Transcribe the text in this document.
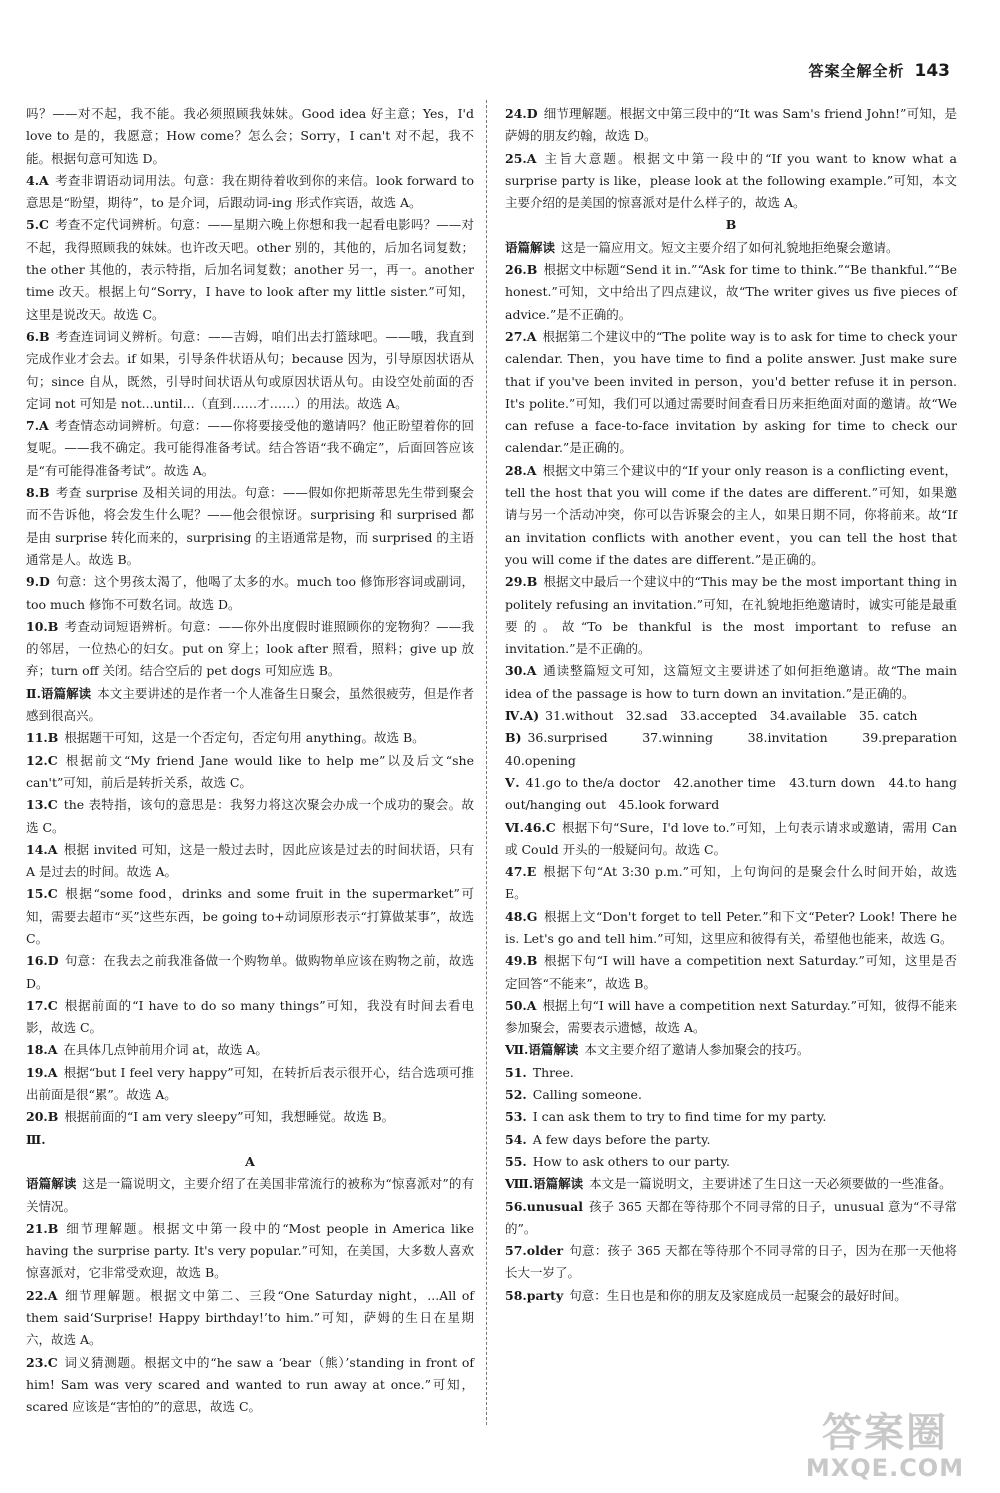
答案全解全析 143

吗？——对不起，我不能。我必须照顾我妹妹。Good idea 好主意；Yes，I'd love to 是的，我愿意；How come？怎么会；Sorry，I can't 对不起，我不能。根据句意可知选 D。

4.A 考查非谓语动词用法。句意：我在期待着收到你的来信。look forward to 意思是“盼望，期待”，to 是介词，后跟动词-ing 形式作宾语，故选 A。

5.C 考查不定代词辨析。句意：——星期六晚上你想和我一起看电影吗？——对不起，我得照顾我的妹妹。也许改天吧。other 别的，其他的，后加名词复数；the other 其他的，表示特指，后加名词复数；another 另一，再一。another time 改天。根据上句“Sorry，I have to look after my little sister.”可知，这里是说改天。故选 C。

6.B 考查连词词义辨析。句意：——吉姆，咱们出去打篮球吧。——哦，我直到完成作业才会去。if 如果，引导条件状语从句；because 因为，引导原因状语从句；since 自从，既然，引导时间状语从句或原因状语从句。由设空处前面的否定词 not 可知是 not...until...（直到……才……）的用法。故选 A。

7.A 考查情态动词辨析。句意：——你将要接受他的邀请吗？他正盼望着你的回复呢。——我不确定。我可能得准备考试。结合答语“我不确定”，后面回答应该是“有可能得准备考试”。故选 A。

8.B 考查 surprise 及相关词的用法。句意：——假如你把斯蒂思先生带到聚会而不告诉他，将会发生什么呢？——他会很惊讶。surprising 和 surprised 都是由 surprise 转化而来的，surprising 的主语通常是物，而 surprised 的主语通常是人。故选 B。

9.D 句意：这个男孩太渴了，他喝了太多的水。much too 修饰形容词或副词，too much 修饰不可数名词。故选 D。

10.B 考查动词短语辨析。句意：——你外出度假时谁照顾你的宠物狗？——我的邻居，一位热心的妇女。put on 穿上；look after 照看，照料；give up 放弃；turn off 关闭。结合空后的 pet dogs 可知应选 B。

Ⅱ.语篇解读 本文主要讲述的是作者一个人准备生日聚会，虽然很疲劳，但是作者感到很高兴。

11.B 根据题干可知，这是一个否定句，否定句用 anything。故选 B。

12.C 根据前文“My friend Jane would like to help me”以及后文“she can't”可知，前后是转折关系，故选 C。

13.C the 表特指，该句的意思是：我努力将这次聚会办成一个成功的聚会。故选 C。

14.A 根据 invited 可知，这是一般过去时，因此应该是过去的时间状语，只有 A 是过去的时间。故选 A。

15.C 根据“some food，drinks and some fruit in the supermarket”可知，需要去超市“买”这些东西，be going to+动词原形表示“打算做某事”，故选 C。

16.D 句意：在我去之前我准备做一个购物单。做购物单应该在购物之前，故选 D。

17.C 根据前面的“I have to do so many things”可知，我没有时间去看电影，故选 C。

18.A 在具体几点钟前用介词 at，故选 A。

19.A 根据“but I feel very happy”可知，在转折后表示很开心，结合选项可推出前面是很“累”。故选 A。

20.B 根据前面的“I am very sleepy”可知，我想睡觉。故选 B。

Ⅲ.

A

语篇解读 这是一篇说明文，主要介绍了在美国非常流行的被称为“惊喜派对”的有关情况。

21.B 细节理解题。根据文中第一段中的“Most people in America like having the surprise party. It's very popular.”可知，在美国，大多数人喜欢惊喜派对，它非常受欢迎，故选 B。

22.A 细节理解题。根据文中第二、三段“One Saturday night，...All of them said‘Surprise! Happy birthday!’to him.”可知，萨姆的生日在星期六，故选 A。

23.C 词义猜测题。根据文中的“he saw a ‘bear（熊）’standing in front of him! Sam was very scared and wanted to run away at once.”可知，scared 应该是“害怕的”的意思，故选 C。

24.D 细节理解题。根据文中第三段中的“It was Sam's friend John!”可知，是萨姆的朋友约翰，故选 D。

25.A 主旨大意题。根据文中第一段中的“If you want to know what a surprise party is like，please look at the following example.”可知，本文主要介绍的是美国的惊喜派对是什么样子的，故选 A。

B

语篇解读 这是一篇应用文。短文主要介绍了如何礼貌地拒绝聚会邀请。

26.B 根据文中标题“Send it in.”“Ask for time to think.”“Be thankful.”“Be honest.”可知，文中给出了四点建议，故“The writer gives us five pieces of advice.”是不正确的。

27.A 根据第二个建议中的“The polite way is to ask for time to check your calendar. Then，you have time to find a polite answer. Just make sure that if you've been invited in person，you'd better refuse it in person. It's polite.”可知，我们可以通过需要时间查看日历来拒绝面对面的邀请。故“We can refuse a face-to-face invitation by asking for time to check our calendar.”是正确的。

28.A 根据文中第三个建议中的“If your only reason is a conflicting event，tell the host that you will come if the dates are different.”可知，如果邀请与另一个活动冲突，你可以告诉聚会的主人，如果日期不同，你将前来。故“If an invitation conflicts with another event，you can tell the host that you will come if the dates are different.”是正确的。

29.B 根据文中最后一个建议中的“This may be the most important thing in politely refusing an invitation.”可知，在礼貌地拒绝邀请时，诚实可能是最重要的。故“To be thankful is the most important to refuse an invitation.”是不正确的。

30.A 通读整篇短文可知，这篇短文主要讲述了如何拒绝邀请。故“The main idea of the passage is how to turn down an invitation.”是正确的。

Ⅳ.A) 31.without　32.sad　33.accepted　34.available　35. catch

B) 36.surprised　37.winning　38.invitation　39.preparation　40.opening

Ⅴ. 41.go to the/a doctor　42.another time　43.turn down　44.to hang out/hanging out　45.look forward

Ⅵ.46.C 根据下句“Sure，I'd love to.”可知，上句表示请求或邀请，需用 Can 或 Could 开头的一般疑问句。故选 C。

47.E 根据下句“At 3:30 p.m.”可知，上句询问的是聚会什么时间开始，故选 E。

48.G 根据上文“Don't forget to tell Peter.”和下文“Peter? Look! There he is. Let's go and tell him.”可知，这里应和彼得有关，希望他也能来，故选 G。

49.B 根据下句“I will have a competition next Saturday.”可知，这里是否定回答“不能来”，故选 B。

50.A 根据上句“I will have a competition next Saturday.”可知，彼得不能来参加聚会，需要表示遗憾，故选 A。

Ⅶ.语篇解读 本文主要介绍了邀请人参加聚会的技巧。

51. Three.

52. Calling someone.

53. I can ask them to try to find time for my party.

54. A few days before the party.

55. How to ask others to our party.

Ⅷ.语篇解读 本文是一篇说明文，主要讲述了生日这一天必须要做的一些准备。

56.unusual 孩子 365 天都在等待那个不同寻常的日子，unusual 意为“不寻常的”。

57.older 句意：孩子 365 天都在等待那个不同寻常的日子，因为在那一天他将长大一岁了。

58.party 句意：生日也是和你的朋友及家庭成员一起聚会的最好时间。

答案圈
MXQE.COM
